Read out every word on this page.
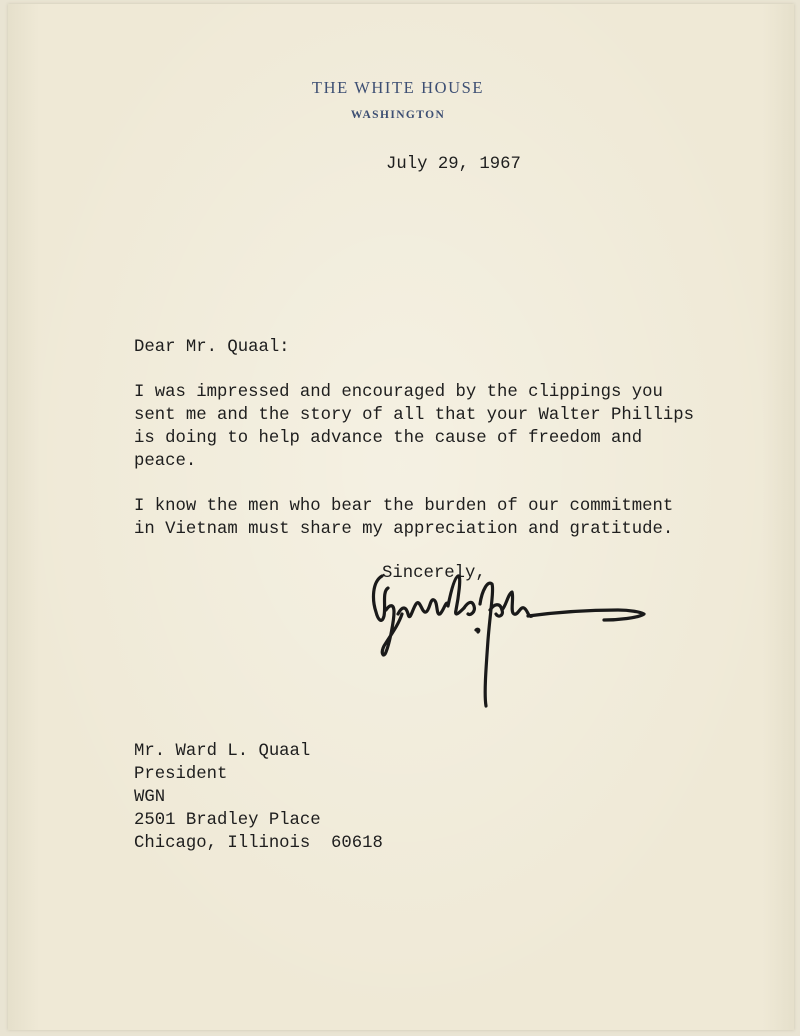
THE WHITE HOUSE
WASHINGTON
July 29, 1967
Dear Mr. Quaal:
I was impressed and encouraged by the clippings you
sent me and the story of all that your Walter Phillips
is doing to help advance the cause of freedom and
peace.
I know the men who bear the burden of our commitment
in Vietnam must share my appreciation and gratitude.
Sincerely,
Mr. Ward L. Quaal
President
WGN
2501 Bradley Place
Chicago, Illinois  60618
